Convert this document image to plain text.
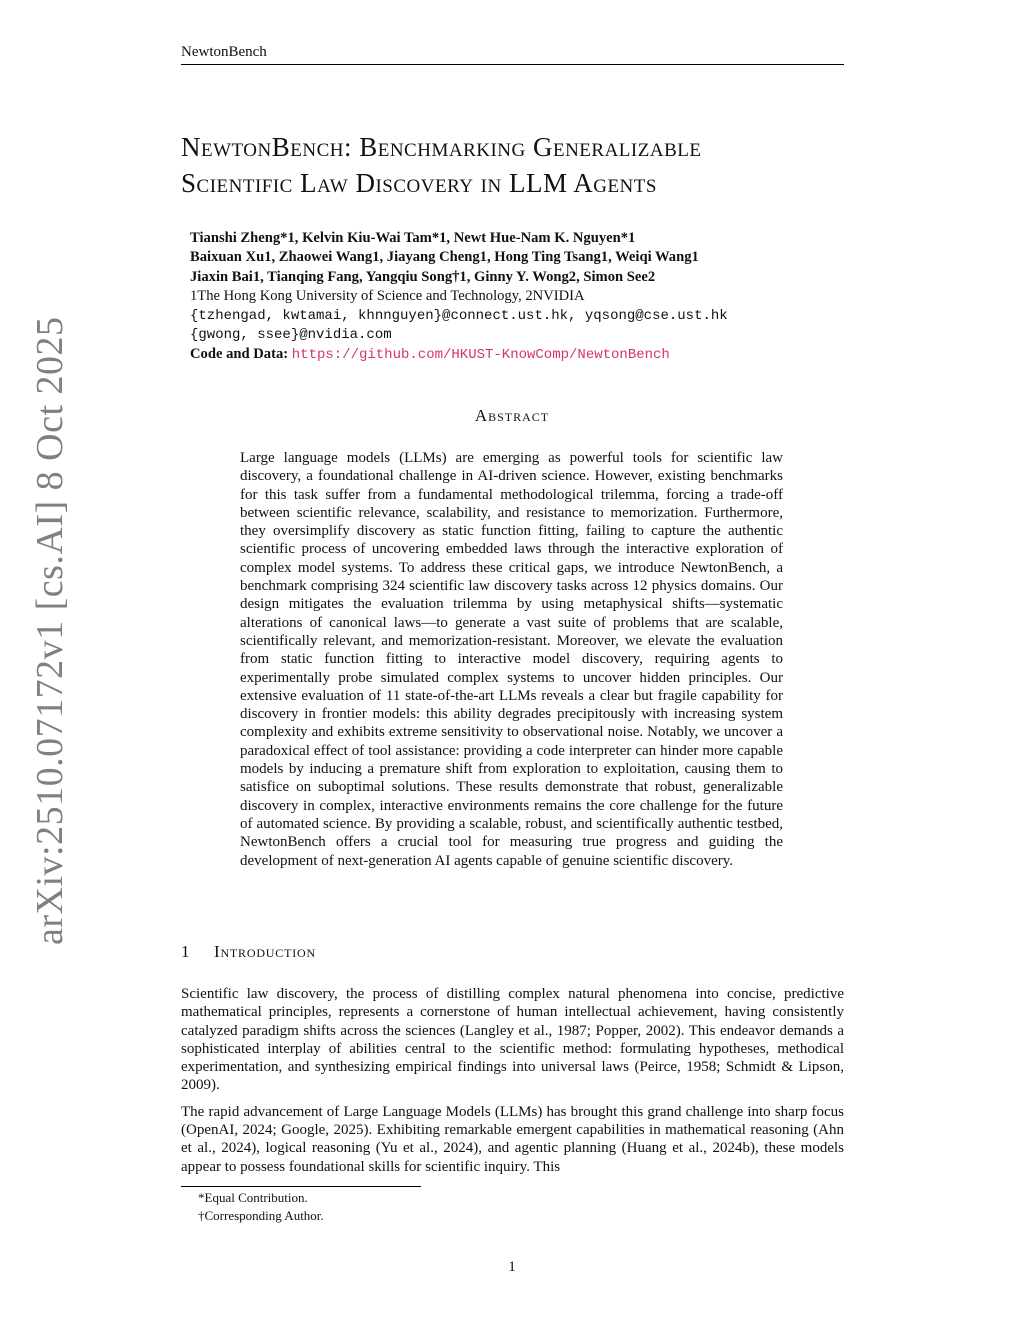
NewtonBench
NewtonBench: Benchmarking Generalizable
Scientific Law Discovery in LLM Agents
Tianshi Zheng*1, Kelvin Kiu-Wai Tam*1, Newt Hue-Nam K. Nguyen*1
Baixuan Xu1, Zhaowei Wang1, Jiayang Cheng1, Hong Ting Tsang1, Weiqi Wang1
Jiaxin Bai1, Tianqing Fang, Yangqiu Song†1, Ginny Y. Wong2, Simon See2
1The Hong Kong University of Science and Technology, 2NVIDIA
{tzhengad, kwtamai, khnnguyen}@connect.ust.hk, yqsong@cse.ust.hk
{gwong, ssee}@nvidia.com
Code and Data: https://github.com/HKUST-KnowComp/NewtonBench
arXiv:2510.07172v1 [cs.AI] 8 Oct 2025	Abstract
Large language models (LLMs) are emerging as powerful tools for scientific law discovery, a foundational challenge in AI-driven science. However, existing benchmarks for this task suffer from a fundamental methodological trilemma, forcing a trade-off between scientific relevance, scalability, and resistance to memorization. Furthermore, they oversimplify discovery as static function fitting, failing to capture the authentic scientific process of uncovering embedded laws through the interactive exploration of complex model systems. To address these critical gaps, we introduce NewtonBench, a benchmark comprising 324 scientific law discovery tasks across 12 physics domains. Our design mitigates the evaluation trilemma by using metaphysical shifts—systematic alterations of canonical laws—to generate a vast suite of problems that are scalable, scientifically relevant, and memorization-resistant. Moreover, we elevate the evaluation from static function fitting to interactive model discovery, requiring agents to experimentally probe simulated complex systems to uncover hidden principles. Our extensive evaluation of 11 state-of-the-art LLMs reveals a clear but fragile capability for discovery in frontier models: this ability degrades precipitously with increasing system complexity and exhibits extreme sensitivity to observational noise. Notably, we uncover a paradoxical effect of tool assistance: providing a code interpreter can hinder more capable models by inducing a premature shift from exploration to exploitation, causing them to satisfice on suboptimal solutions. These results demonstrate that robust, generalizable discovery in complex, interactive environments remains the core challenge for the future of automated science. By providing a scalable, robust, and scientifically authentic testbed, NewtonBench offers a crucial tool for measuring true progress and guiding the development of next-generation AI agents capable of genuine scientific discovery.
1 Introduction

Scientific law discovery, the process of distilling complex natural phenomena into concise, predictive mathematical principles, represents a cornerstone of human intellectual achievement, having consistently catalyzed paradigm shifts across the sciences (Langley et al., 1987; Popper, 2002). This endeavor demands a sophisticated interplay of abilities central to the scientific method: formulating hypotheses, methodical experimentation, and synthesizing empirical findings into universal laws (Peirce, 1958; Schmidt & Lipson, 2009).

The rapid advancement of Large Language Models (LLMs) has brought this grand challenge into sharp focus (OpenAI, 2024; Google, 2025). Exhibiting remarkable emergent capabilities in mathematical reasoning (Ahn et al., 2024), logical reasoning (Yu et al., 2024), and agentic planning (Huang et al., 2024b), these models appear to possess foundational skills for scientific inquiry. This

*Equal Contribution.
†Corresponding Author.
1
